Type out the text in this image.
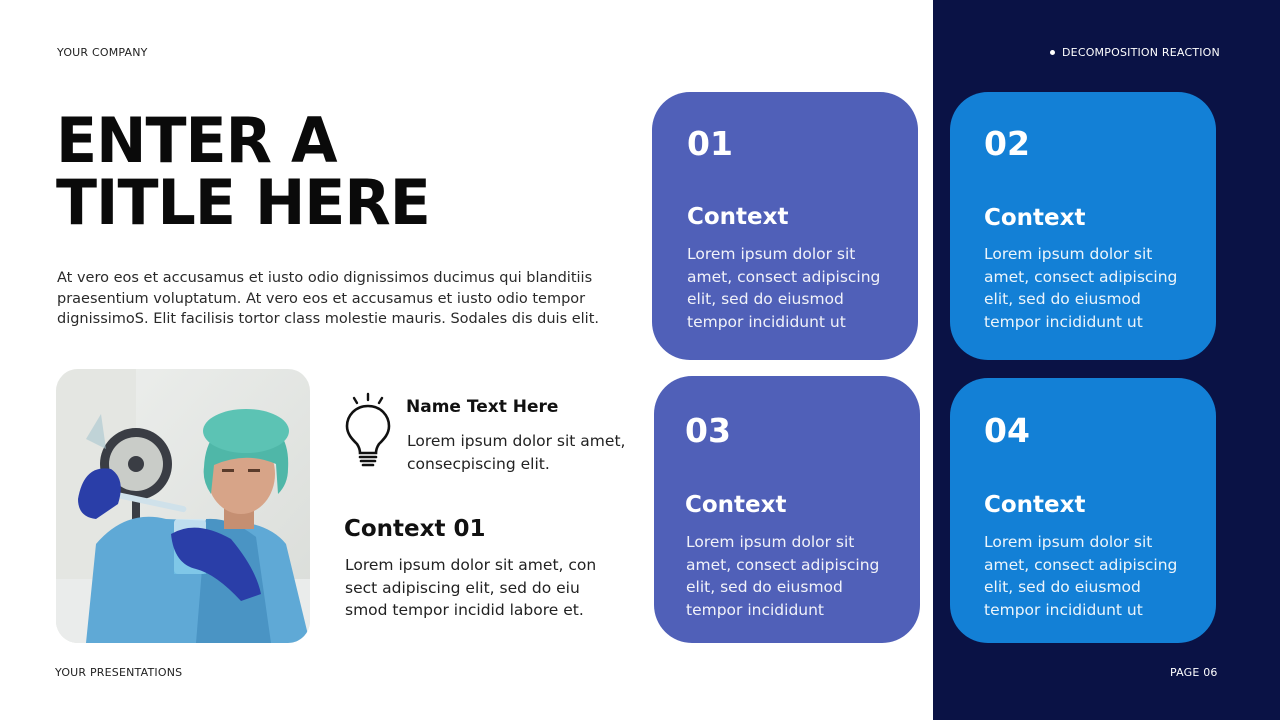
YOUR COMPANY	DECOMPOSITION REACTION
YOUR PRESENTATIONS	PAGE 06
ENTER A
TITLE HERE

At vero eos et accusamus et iusto odio dignissimos ducimus qui blanditiis praesentium voluptatum. At vero eos et accusamus et iusto odio tempor dignissimoS. Elit facilisis tortor class molestie mauris. Sodales dis duis elit.

Name Text Here

Lorem ipsum dolor sit amet, consecpiscing elit.

Context 01

Lorem ipsum dolor sit amet, con sect adipiscing elit, sed do eiu smod tempor incidid labore et.

01
Context

Lorem ipsum dolor sit amet, consect adipiscing elit, sed do eiusmod tempor incididunt ut

02
Context

Lorem ipsum dolor sit amet, consect adipiscing elit, sed do eiusmod tempor incididunt ut

03
Context

Lorem ipsum dolor sit amet, consect adipiscing elit, sed do eiusmod tempor incididunt

04
Context

Lorem ipsum dolor sit amet, consect adipiscing elit, sed do eiusmod tempor incididunt ut
